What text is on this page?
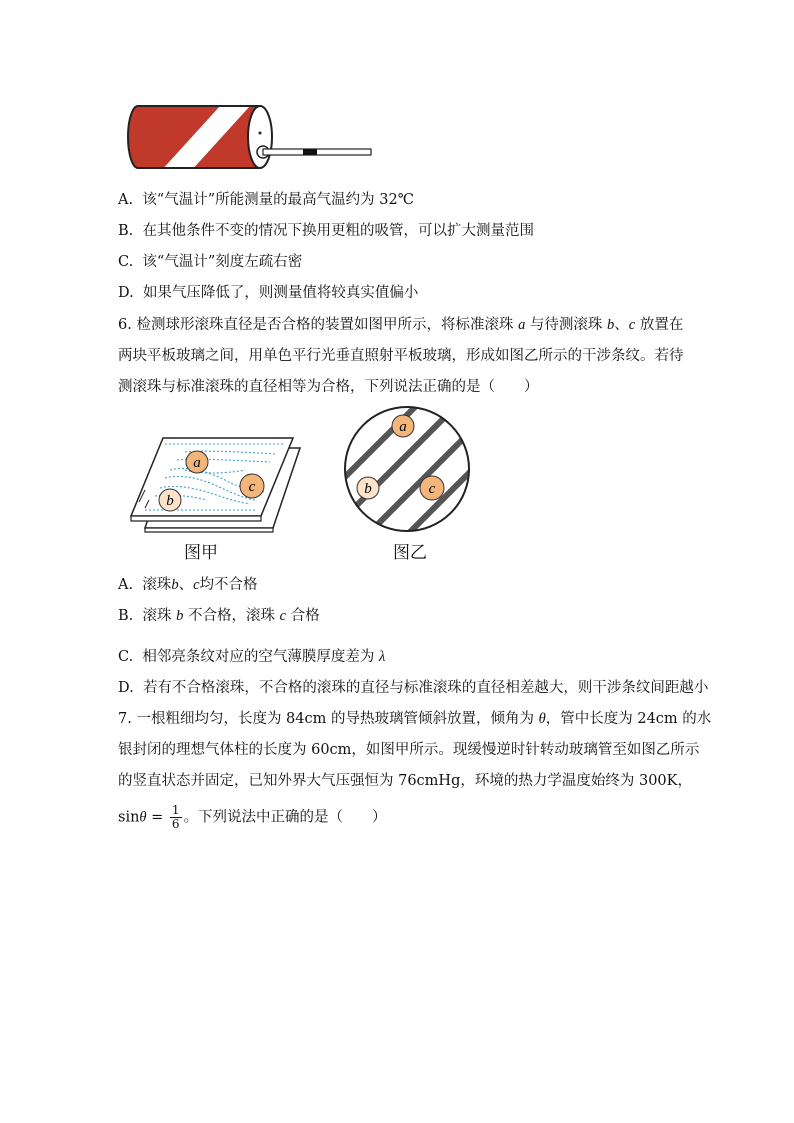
A. 该“气温计”所能测量的最高气温约为 32℃
B. 在其他条件不变的情况下换用更粗的吸管，可以扩大测量范围
C. 该“气温计”刻度左疏右密
D. 如果气压降低了，则测量值将较真实值偏小
6. 检测球形滚珠直径是否合格的装置如图甲所示，将标准滚珠 a 与待测滚珠 b、c 放置在
两块平板玻璃之间，用单色平行光垂直照射平板玻璃，形成如图乙所示的干涉条纹。若待
测滚珠与标准滚珠的直径相等为合格，下列说法正确的是（　　）
a
c
b
图甲
a
b	c
图乙
A. 滚珠b、c均不合格
B. 滚珠 b 不合格，滚珠 c 合格
C. 相邻亮条纹对应的空气薄膜厚度差为 λ
D. 若有不合格滚珠，不合格的滚珠的直径与标准滚珠的直径相差越大，则干涉条纹间距越小
7. 一根粗细均匀，长度为 84cm 的导热玻璃管倾斜放置，倾角为 θ，管中长度为 24cm 的水
银封闭的理想气体柱的长度为 60cm，如图甲所示。现缓慢逆时针转动玻璃管至如图乙所示
的竖直状态并固定，已知外界大气压强恒为 76cmHg，环境的热力学温度始终为 300K，
$\sin\theta = \frac{1}{6}$ 。下列说法中正确的是（　　）
